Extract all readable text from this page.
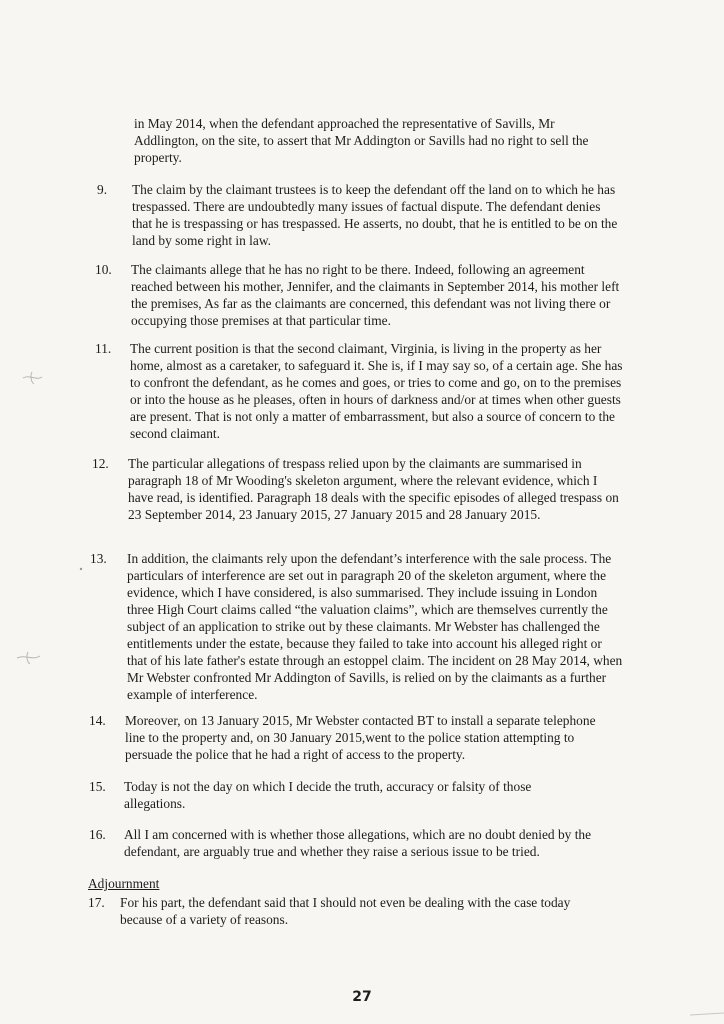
in May 2014, when the defendant approached the representative of Savills, Mr Addlington, on the site, to assert that Mr Addington or Savills had no right to sell the property.
9. The claim by the claimant trustees is to keep the defendant off the land on to which he has trespassed. There are undoubtedly many issues of factual dispute. The defendant denies that he is trespassing or has trespassed. He asserts, no doubt, that he is entitled to be on the land by some right in law.
10. The claimants allege that he has no right to be there. Indeed, following an agreement reached between his mother, Jennifer, and the claimants in September 2014, his mother left the premises, As far as the claimants are concerned, this defendant was not living there or occupying those premises at that particular time.
11. The current position is that the second claimant, Virginia, is living in the property as her home, almost as a caretaker, to safeguard it. She is, if I may say so, of a certain age. She has to confront the defendant, as he comes and goes, or tries to come and go, on to the premises or into the house as he pleases, often in hours of darkness and/or at times when other guests are present. That is not only a matter of embarrassment, but also a source of concern to the second claimant.
12. The particular allegations of trespass relied upon by the claimants are summarised in paragraph 18 of Mr Wooding's skeleton argument, where the relevant evidence, which I have read, is identified. Paragraph 18 deals with the specific episodes of alleged trespass on 23 September 2014, 23 January 2015, 27 January 2015 and 28 January 2015.
13. In addition, the claimants rely upon the defendant’s interference with the sale process. The particulars of interference are set out in paragraph 20 of the skeleton argument, where the evidence, which I have considered, is also summarised. They include issuing in London three High Court claims called “the valuation claims”, which are themselves currently the subject of an application to strike out by these claimants. Mr Webster has challenged the entitlements under the estate, because they failed to take into account his alleged right or that of his late father's estate through an estoppel claim. The incident on 28 May 2014, when Mr Webster confronted Mr Addington of Savills, is relied on by the claimants as a further example of interference.
14. Moreover, on 13 January 2015, Mr Webster contacted BT to install a separate telephone line to the property and, on 30 January 2015,went to the police station attempting to persuade the police that he had a right of access to the property.
15. Today is not the day on which I decide the truth, accuracy or falsity of those allegations.
16. All I am concerned with is whether those allegations, which are no doubt denied by the defendant, are arguably true and whether they raise a serious issue to be tried.
Adjournment
17. For his part, the defendant said that I should not even be dealing with the case today because of a variety of reasons.
27
